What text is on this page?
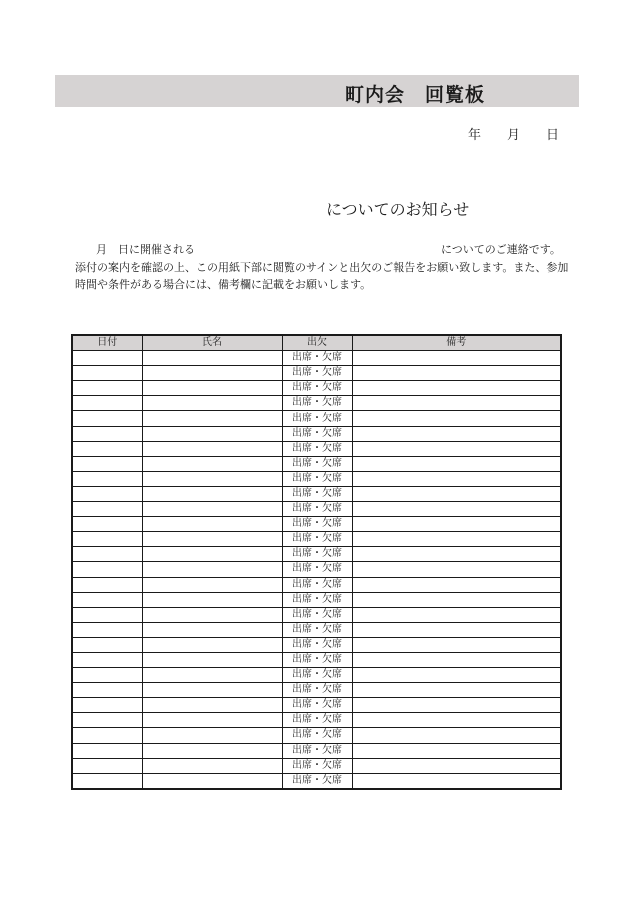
町内会　回覧板
年 月 日
についてのお知らせ
月 日に開催される	についてのご連絡です。
添付の案内を確認の上、この用紙下部に閲覧のサインと出欠のご報告をお願い致します。また、参加
時間や条件がある場合には、備考欄に記載をお願いします。
日付	氏名	出欠	備考
		出席・欠席	
		出席・欠席	
		出席・欠席	
		出席・欠席	
		出席・欠席	
		出席・欠席	
		出席・欠席	
		出席・欠席	
		出席・欠席	
		出席・欠席	
		出席・欠席	
		出席・欠席	
		出席・欠席	
		出席・欠席	
		出席・欠席	
		出席・欠席	
		出席・欠席	
		出席・欠席	
		出席・欠席	
		出席・欠席	
		出席・欠席	
		出席・欠席	
		出席・欠席	
		出席・欠席	
		出席・欠席	
		出席・欠席	
		出席・欠席	
		出席・欠席	
		出席・欠席	
